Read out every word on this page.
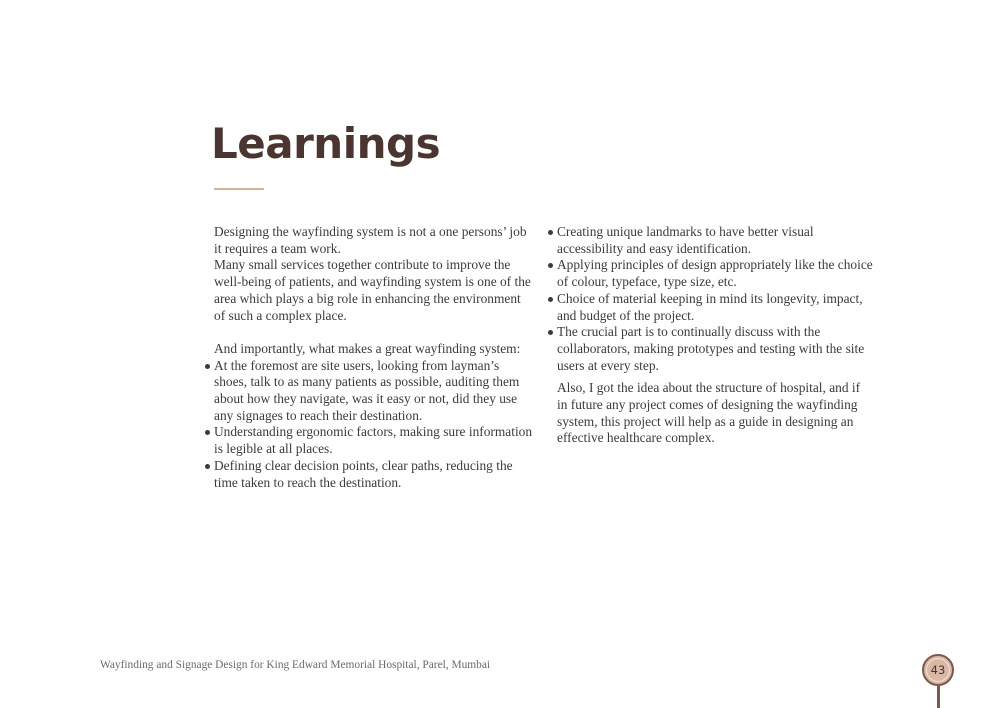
Learnings

Designing the wayfinding system is not a one persons’ job it requires a team work.

Many small services together contribute to improve the well-being of patients, and wayfinding system is one of the area which plays a big role in enhancing the environment of such a complex place.

And importantly, what makes a great wayfinding system:

At the foremost are site users, looking from layman’s shoes, talk to as many patients as possible, auditing them about how they navigate, was it easy or not, did they use any signages to reach their destination.
Understanding ergonomic factors, making sure information is legible at all places.
Defining clear decision points, clear paths, reducing the time taken to reach the destination.
Creating unique landmarks to have better visual accessibility and easy identification.
Applying principles of design appropriately like the choice of colour, typeface, type size, etc.
Choice of material keeping in mind its longevity, impact, and budget of the project.
The crucial part is to continually discuss with the collaborators, making prototypes and testing with the site users at every step.

Also, I got the idea about the structure of hospital, and if in future any project comes of designing the wayfinding system, this project will help as a guide in designing an effective healthcare complex.

Wayfinding and Signage Design for King Edward Memorial Hospital, Parel, Mumbai	43
